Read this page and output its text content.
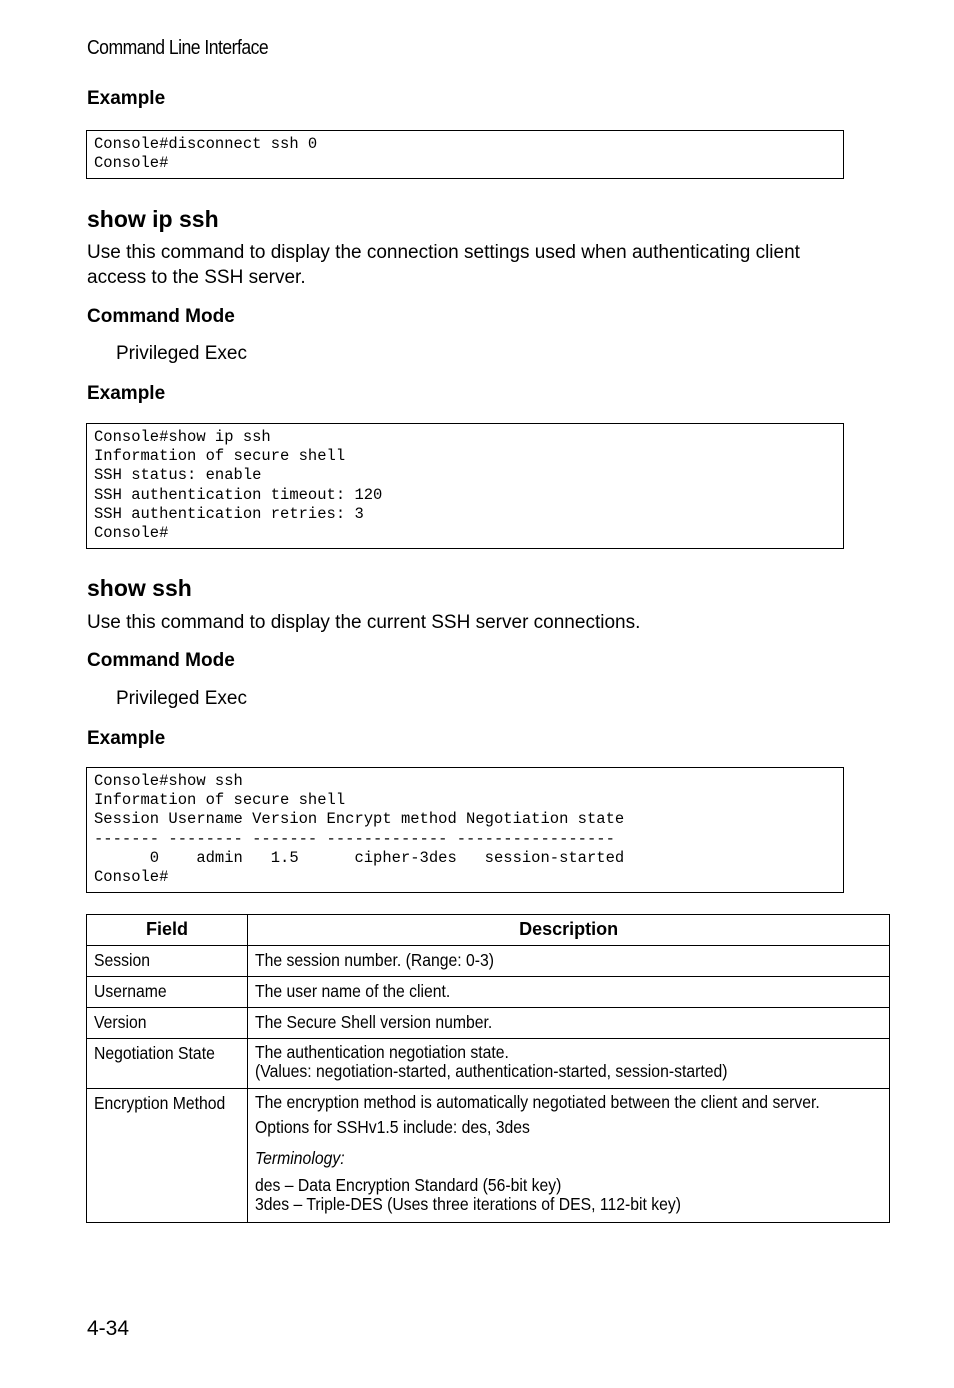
Command Line Interface
Example
Console#disconnect ssh 0
Console#
show ip ssh
Use this command to display the connection settings used when authenticating client access to the SSH server.
Command Mode
Privileged Exec
Example
Console#show ip ssh
Information of secure shell
SSH status: enable
SSH authentication timeout: 120
SSH authentication retries: 3
Console#
show ssh
Use this command to display the current SSH server connections.
Command Mode
Privileged Exec
Example
Console#show ssh
Information of secure shell
Session Username Version Encrypt method Negotiation state
------- -------- ------- ------------- -----------------
0    admin   1.5      cipher-3des   session-started
Console#
Field	Description

Session	The session number. (Range: 0-3)

Username	The user name of the client.

Version	The Secure Shell version number.

Negotiation State	The authentication negotiation state.
(Values: negotiation-started, authentication-started, session-started)

Encryption Method	The encryption method is automatically negotiated between the client and server.
Options for SSHv1.5 include: des, 3des
Terminology:
des – Data Encryption Standard (56-bit key)
3des – Triple-DES (Uses three iterations of DES, 112-bit key)
4-34
